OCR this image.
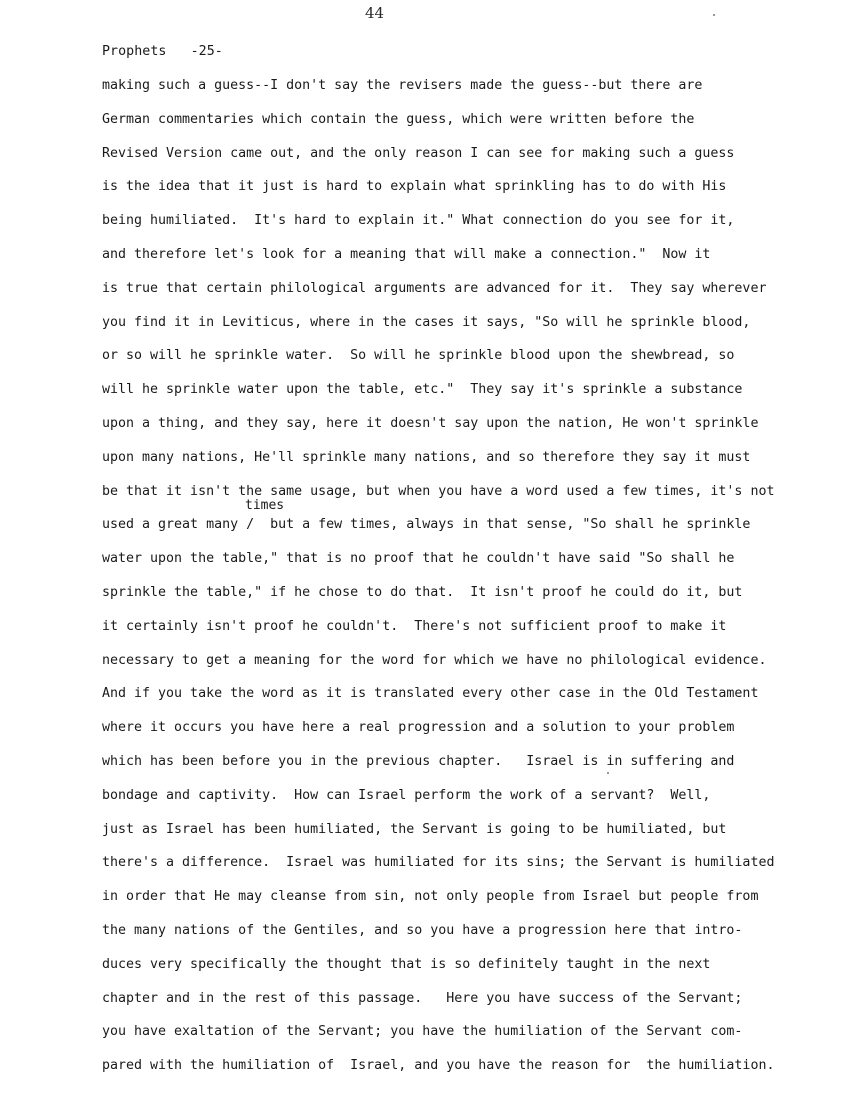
44
Prophets -25-
times
making such a guess--I don't say the revisers made the guess--but there are
German commentaries which contain the guess, which were written before the
Revised Version came out, and the only reason I can see for making such a guess
is the idea that it just is hard to explain what sprinkling has to do with His
being humiliated.  It's hard to explain it." What connection do you see for it,
and therefore let's look for a meaning that will make a connection."  Now it
is true that certain philological arguments are advanced for it.  They say wherever
you find it in Leviticus, where in the cases it says, "So will he sprinkle blood,
or so will he sprinkle water.  So will he sprinkle blood upon the shewbread, so
will he sprinkle water upon the table, etc."  They say it's sprinkle a substance
upon a thing, and they say, here it doesn't say upon the nation, He won't sprinkle
upon many nations, He'll sprinkle many nations, and so therefore they say it must
be that it isn't the same usage, but when you have a word used a few times, it's not
used a great many /  but a few times, always in that sense, "So shall he sprinkle
water upon the table," that is no proof that he couldn't have said "So shall he
sprinkle the table," if he chose to do that.  It isn't proof he could do it, but
it certainly isn't proof he couldn't.  There's not sufficient proof to make it
necessary to get a meaning for the word for which we have no philological evidence.
And if you take the word as it is translated every other case in the Old Testament
where it occurs you have here a real progression and a solution to your problem
which has been before you in the previous chapter.   Israel is in suffering and
bondage and captivity.  How can Israel perform the work of a servant?  Well,
just as Israel has been humiliated, the Servant is going to be humiliated, but
there's a difference.  Israel was humiliated for its sins; the Servant is humiliated
in order that He may cleanse from sin, not only people from Israel but people from
the many nations of the Gentiles, and so you have a progression here that intro-
duces very specifically the thought that is so definitely taught in the next
chapter and in the rest of this passage.   Here you have success of the Servant;
you have exaltation of the Servant; you have the humiliation of the Servant com-
pared with the humiliation of  Israel, and you have the reason for  the humiliation.
